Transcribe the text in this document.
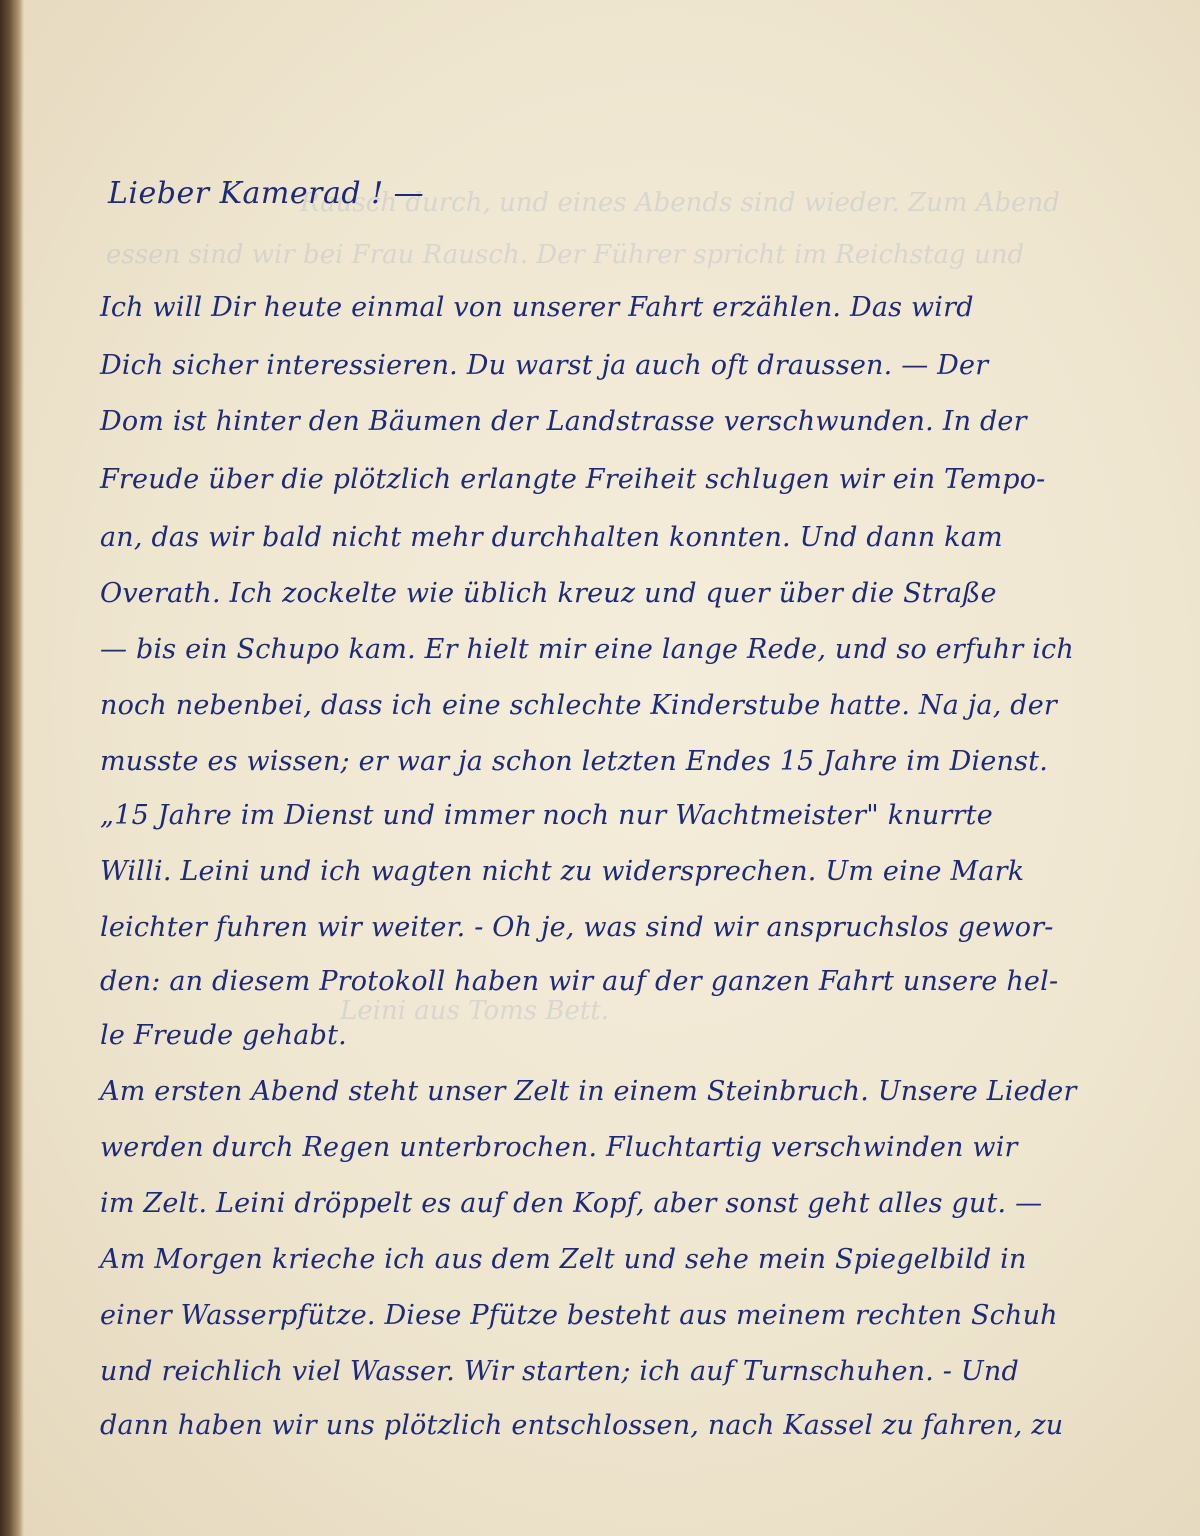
Rausch durch, und eines Abends sind wieder. Zum Abend
essen sind wir bei Frau Rausch. Der Führer spricht im Reichstag und
Leini aus Toms Bett.
Lieber Kamerad ! —
Ich will Dir heute einmal von unserer Fahrt erzählen. Das wird
Dich sicher interessieren. Du warst ja auch oft draussen. — Der
Dom ist hinter den Bäumen der Landstrasse verschwunden. In der
Freude über die plötzlich erlangte Freiheit schlugen wir ein Tempo-
an, das wir bald nicht mehr durchhalten konnten. Und dann kam
Overath. Ich zockelte wie üblich kreuz und quer über die Straße
— bis ein Schupo kam. Er hielt mir eine lange Rede, und so erfuhr ich
noch nebenbei, dass ich eine schlechte Kinderstube hatte. Na ja, der
musste es wissen; er war ja schon letzten Endes 15 Jahre im Dienst.
„15 Jahre im Dienst und immer noch nur Wachtmeister" knurrte
Willi. Leini und ich wagten nicht zu widersprechen. Um eine Mark
leichter fuhren wir weiter. - Oh je, was sind wir anspruchslos gewor-
den: an diesem Protokoll haben wir auf der ganzen Fahrt unsere hel-
le Freude gehabt.
Am ersten Abend steht unser Zelt in einem Steinbruch. Unsere Lieder
werden durch Regen unterbrochen. Fluchtartig verschwinden wir
im Zelt. Leini dröppelt es auf den Kopf, aber sonst geht alles gut. —
Am Morgen krieche ich aus dem Zelt und sehe mein Spiegelbild in
einer Wasserpfütze. Diese Pfütze besteht aus meinem rechten Schuh
und reichlich viel Wasser. Wir starten; ich auf Turnschuhen. - Und
dann haben wir uns plötzlich entschlossen, nach Kassel zu fahren, zu
